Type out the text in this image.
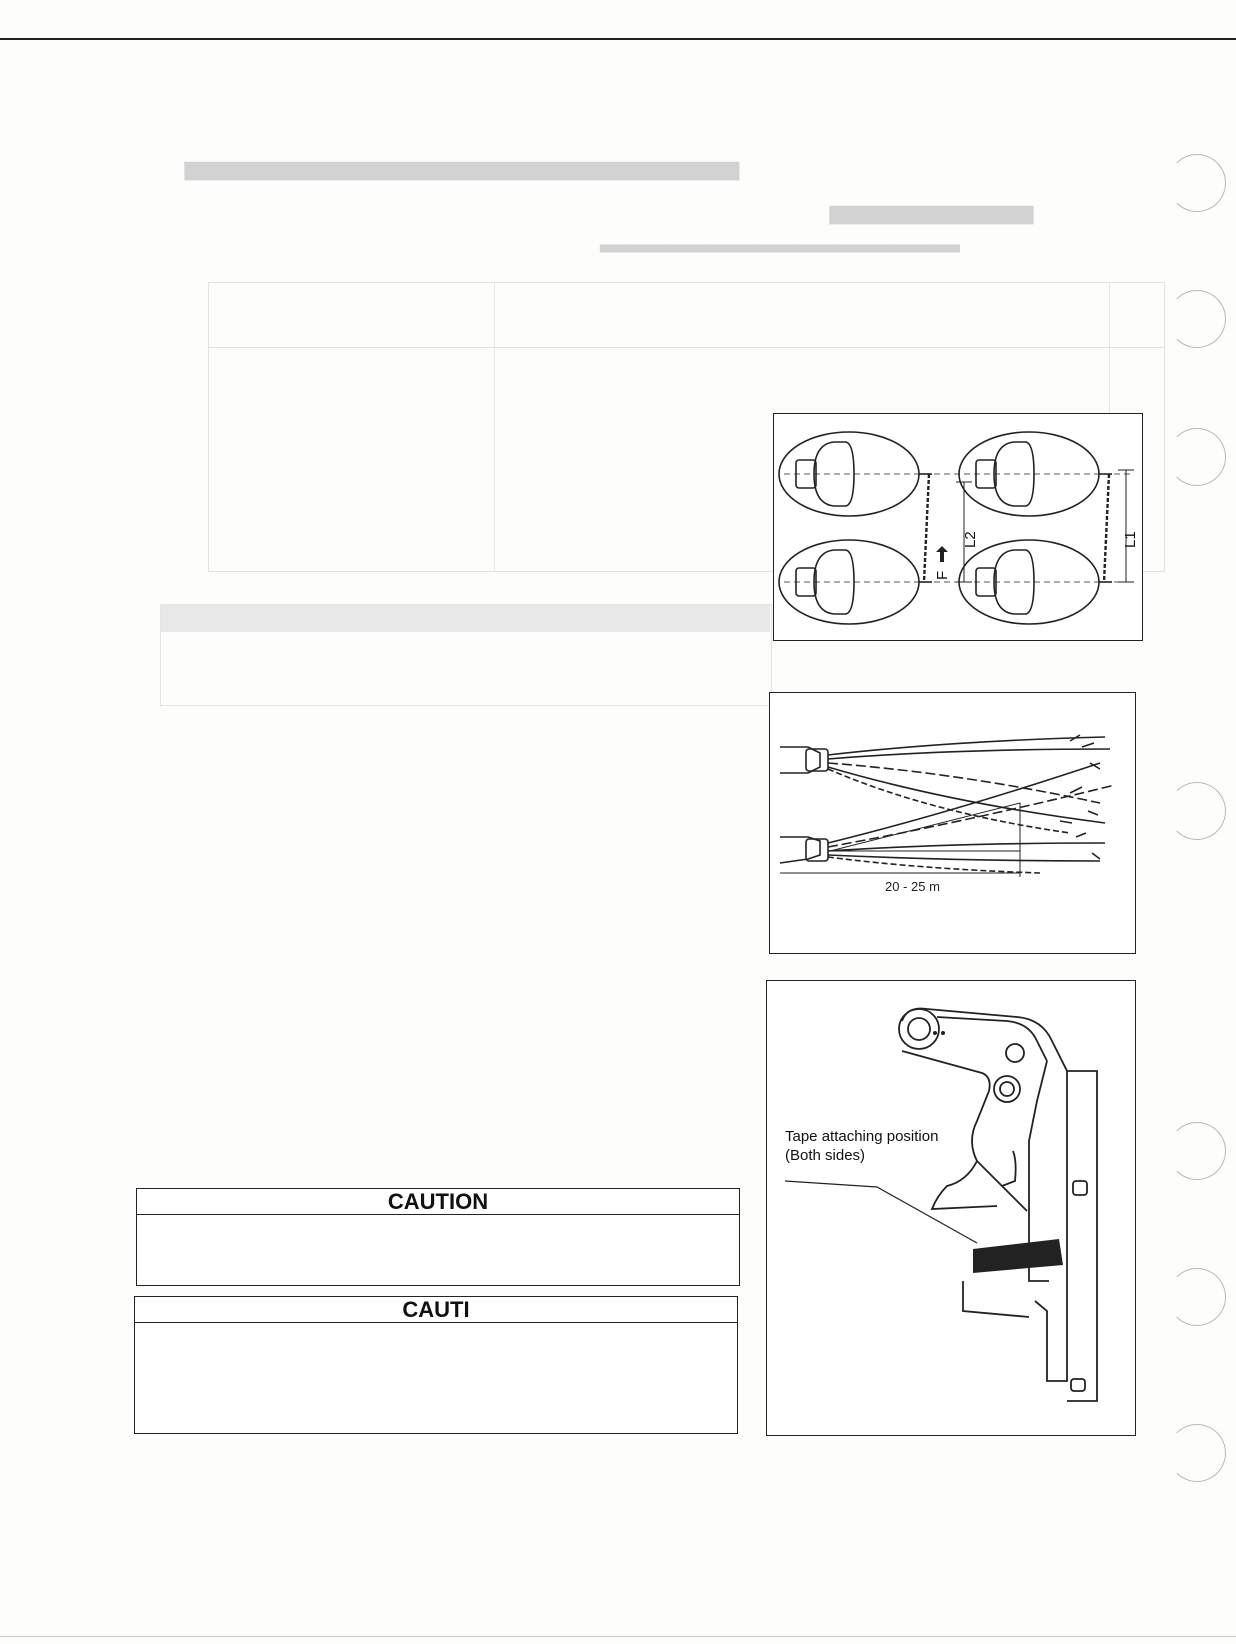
▅▅▅▅▅▅▅▅▅▅▅▅▅▅▅▅▅▅▅▅▅▅▅▅▅▅▅▅▅▅
▅▅▅▅▅▅▅▅▅▅▅
▃▃▃▃▃▃▃▃▃▃▃▃▃▃▃▃▃▃▃▃▃▃▃▃▃▃
L2	L1
F
20 - 25 m
Tape attaching position
(Both sides)
CAUTION
CAUTI
